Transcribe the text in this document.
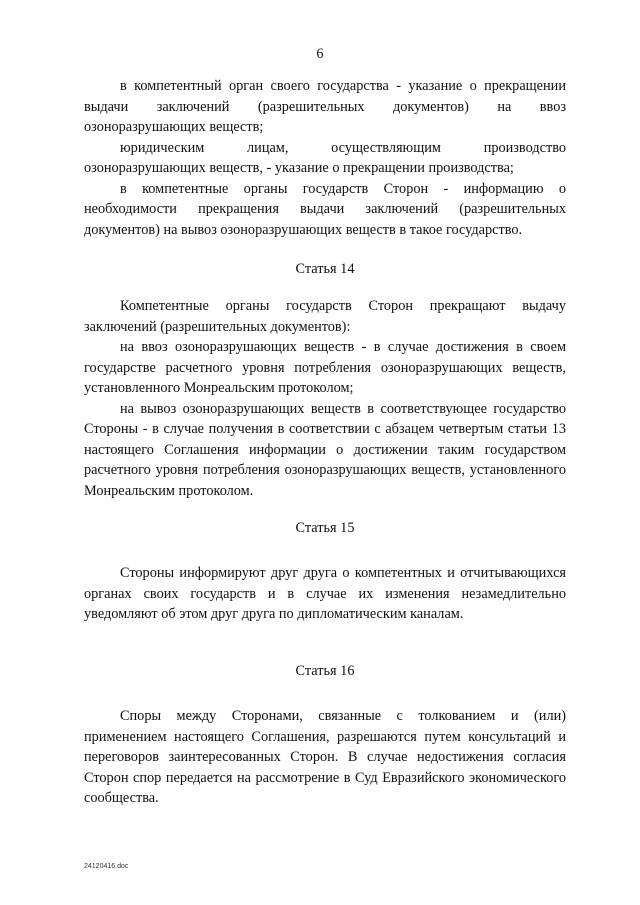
6

в компетентный орган своего государства - указание о прекращении выдачи заключений (разрешительных документов) на ввоз озоноразрушающих веществ;

юридическим лицам, осуществляющим производство озоноразрушающих веществ, - указание о прекращении производства;

в компетентные органы государств Сторон - информацию о необходимости прекращения выдачи заключений (разрешительных документов) на вывоз озоноразрушающих веществ в такое государство.

Статья 14

Компетентные органы государств Сторон прекращают выдачу заключений (разрешительных документов):

на ввоз озоноразрушающих веществ - в случае достижения в своем государстве расчетного уровня потребления озоноразрушающих веществ, установленного Монреальским протоколом;

на вывоз озоноразрушающих веществ в соответствующее государство Стороны - в случае получения в соответствии с абзацем четвертым статьи 13 настоящего Соглашения информации о достижении таким государством расчетного уровня потребления озоноразрушающих веществ, установленного Монреальским протоколом.

Статья 15

Стороны информируют друг друга о компетентных и отчитывающихся органах своих государств и в случае их изменения незамедлительно уведомляют об этом друг друга по дипломатическим каналам.

Статья 16

Споры между Сторонами, связанные с толкованием и (или) применением настоящего Соглашения, разрешаются путем консультаций и переговоров заинтересованных Сторон. В случае недостижения согласия Сторон спор передается на рассмотрение в Суд Евразийского экономического сообщества.

24120416.doc
